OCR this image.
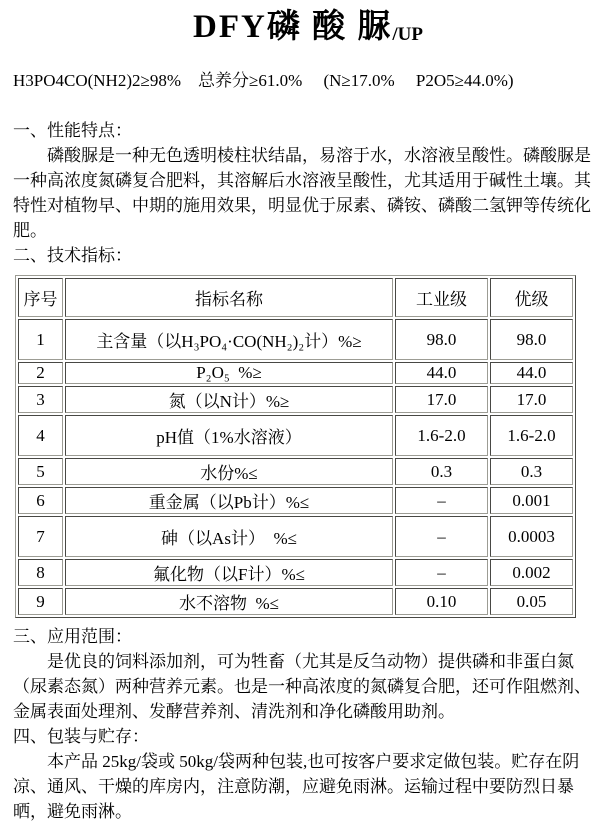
DFY磷 酸 脲/UP
H3PO4CO(NH2)2≥98%    总养分≥61.0%     (N≥17.0%     P2O5≥44.0%)
一、性能特点：

磷酸脲是一种无色透明棱柱状结晶，易溶于水，水溶液呈酸性。磷酸脲是一种高浓度氮磷复合肥料，其溶解后水溶液呈酸性，尤其适用于碱性土壤。其特性对植物早、中期的施用效果，明显优于尿素、磷铵、磷酸二氢钾等传统化肥。

二、技术指标：
序号	指标名称	工业级	优级
1	主含量（以H₃PO₄·CO(NH₂)₂计）%≥	98.0	98.0
2	P₂O₅  %≥	44.0	44.0
3	氮（以N计）%≥	17.0	17.0
4	pH值（1%水溶液）	1.6-2.0	1.6-2.0
5	水份%≤	0.3	0.3
6	重金属（以Pb计）%≤	–	0.001
7	砷（以As计）  %≤	–	0.0003
8	氟化物（以F计）%≤	–	0.002
9	水不溶物  %≤	0.10	0.05
三、应用范围：

是优良的饲料添加剂，可为牲畜（尤其是反刍动物）提供磷和非蛋白氮（尿素态氮）两种营养元素。也是一种高浓度的氮磷复合肥，还可作阻燃剂、金属表面处理剂、发酵营养剂、清洗剂和净化磷酸用助剂。

四、包装与贮存：

本产品 25kg/袋或 50kg/袋两种包装,也可按客户要求定做包装。贮存在阴凉、通风、干燥的库房内，注意防潮，应避免雨淋。运输过程中要防烈日暴晒，避免雨淋。
